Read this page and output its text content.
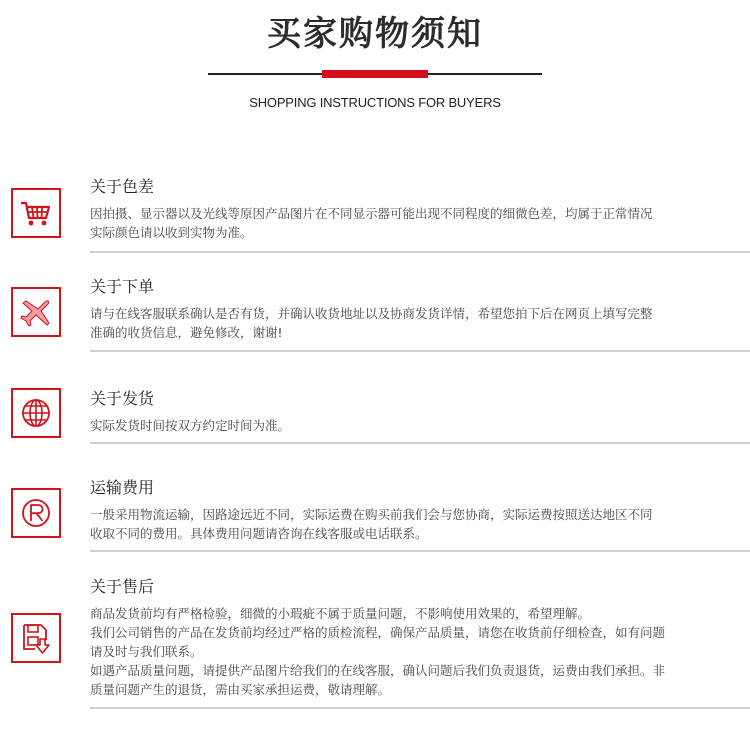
买家购物须知
SHOPPING INSTRUCTIONS FOR BUYERS
关于色差

因拍摄、显示器以及光线等原因产品图片在不同显示器可能出现不同程度的细微色差，均属于正常情况

实际颜色请以收到实物为准。

关于下单

请与在线客服联系确认是否有货，并确认收货地址以及协商发货详情，希望您拍下后在网页上填写完整

准确的收货信息，避免修改，谢谢!

关于发货

实际发货时间按双方约定时间为准。

运输费用

一般采用物流运输，因路途远近不同，实际运费在购买前我们会与您协商，实际运费按照送达地区不同

收取不同的费用。具体费用问题请咨询在线客服或电话联系。

关于售后

商品发货前均有严格检验，细微的小瑕疵不属于质量问题，不影响使用效果的，希望理解。

我们公司销售的产品在发货前均经过严格的质检流程，确保产品质量，请您在收货前仔细检查，如有问题

请及时与我们联系。

如遇产品质量问题，请提供产品图片给我们的在线客服，确认问题后我们负责退货，运费由我们承担。非

质量问题产生的退货，需由买家承担运费，敬请理解。
